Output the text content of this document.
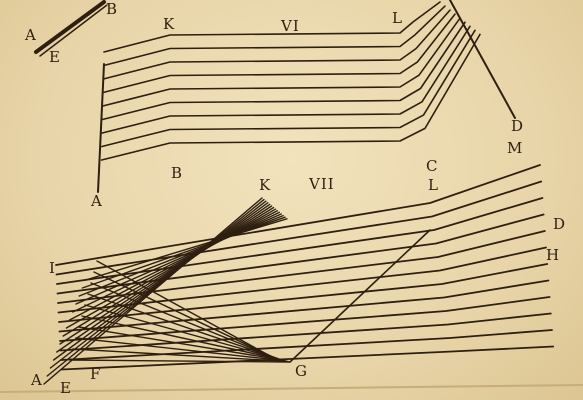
A
B
E
K	VI	L
D
C
B
A
K	VII	L
M
D
H
I
F	G
A E
